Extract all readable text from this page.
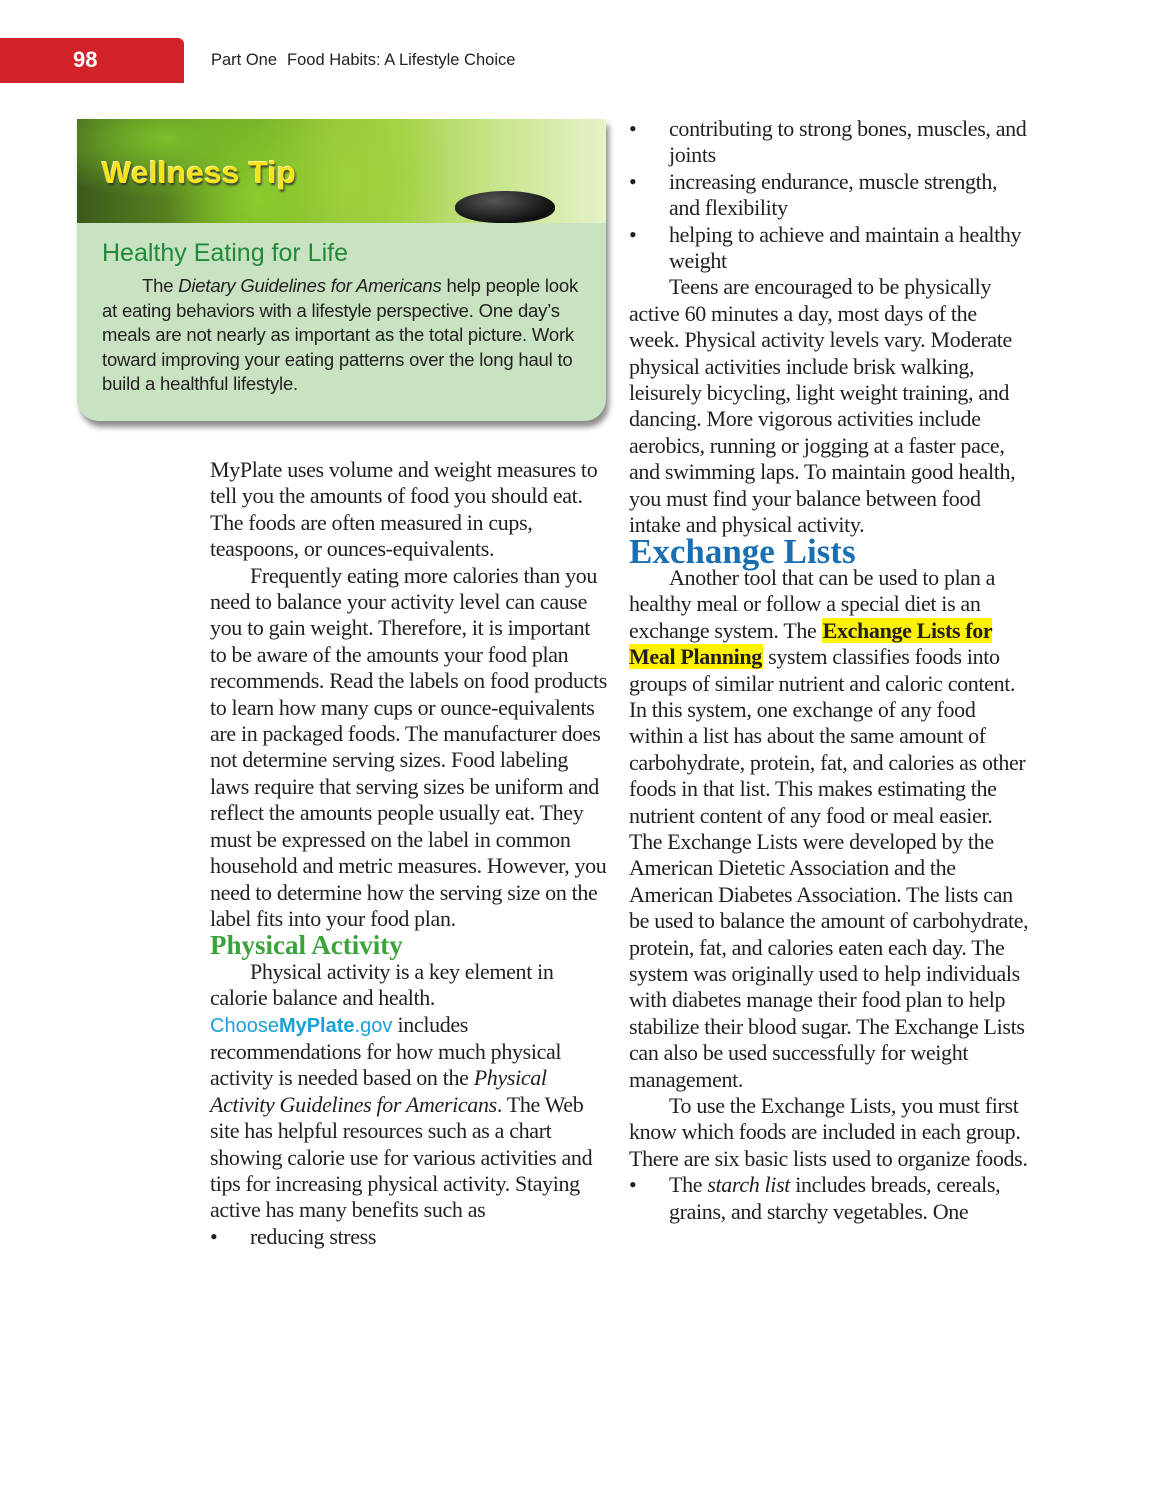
98	Part One Food Habits: A Lifestyle Choice
Wellness Tip
Healthy Eating for Life
The Dietary Guidelines for Americans help people look at eating behaviors with a lifestyle perspective. One day’s meals are not nearly as important as the total picture. Work toward improving your eating patterns over the long haul to build a healthful lifestyle.

MyPlate uses volume and weight measures to tell you the amounts of food you should eat. The foods are often measured in cups, teaspoons, or ounces-equivalents.

Frequently eating more calories than you need to balance your activity level can cause you to gain weight. Therefore, it is important to be aware of the amounts your food plan recommends. Read the labels on food products to learn how many cups or ounce-equivalents are in packaged foods. The manufacturer does not determine serving sizes. Food labeling laws require that serving sizes be uniform and reflect the amounts people usually eat. They must be expressed on the label in common household and metric measures. However, you need to determine how the serving size on the label fits into your food plan.

Physical Activity

Physical activity is a key element in calorie balance and health. ChooseMyPlate.gov includes recommendations for how much physical activity is needed based on the Physical Activity Guidelines for Americans. The Web site has helpful resources such as a chart showing calorie use for various activities and tips for increasing physical activity. Staying active has many benefits such as

• reducing stress
• contributing to strong bones, muscles, and joints
• increasing endurance, muscle strength, and flexibility
• helping to achieve and maintain a healthy weight

Teens are encouraged to be physically active 60 minutes a day, most days of the week. Physical activity levels vary. Moderate physical activities include brisk walking, leisurely bicycling, light weight training, and dancing. More vigorous activities include aerobics, running or jogging at a faster pace, and swimming laps. To maintain good health, you must find your balance between food intake and physical activity.

Exchange Lists

Another tool that can be used to plan a healthy meal or follow a special diet is an exchange system. The Exchange Lists for Meal Planning system classifies foods into groups of similar nutrient and caloric content. In this system, one exchange of any food within a list has about the same amount of carbohydrate, protein, fat, and calories as other foods in that list. This makes estimating the nutrient content of any food or meal easier. The Exchange Lists were developed by the American Dietetic Association and the American Diabetes Association. The lists can be used to balance the amount of carbohydrate, protein, fat, and calories eaten each day. The system was originally used to help individuals with diabetes manage their food plan to help stabilize their blood sugar. The Exchange Lists can also be used successfully for weight management.

To use the Exchange Lists, you must first know which foods are included in each group. There are six basic lists used to organize foods.

• The starch list includes breads, cereals, grains, and starchy vegetables. One
